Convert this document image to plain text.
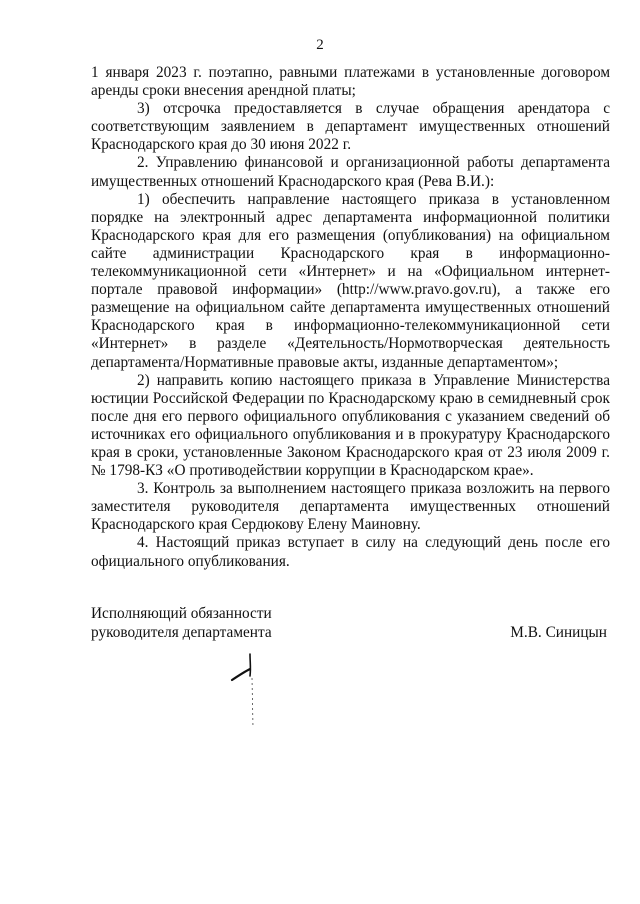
2

1 января 2023 г. поэтапно, равными платежами в установленные договором аренды сроки внесения арендной платы;

3) отсрочка предоставляется в случае обращения арендатора с соответствующим заявлением в департамент имущественных отношений Краснодарского края до 30 июня 2022 г.

2. Управлению финансовой и организационной работы департамента имущественных отношений Краснодарского края (Рева В.И.):

1) обеспечить направление настоящего приказа в установленном порядке на электронный адрес департамента информационной политики Краснодарского края для его размещения (опубликования) на официальном сайте администрации Краснодарского края в информационно-телекоммуникационной сети «Интернет» и на «Официальном интернет-портале правовой информации» (http://www.pravo.gov.ru), а также его размещение на официальном сайте департамента имущественных отношений Краснодарского края в информационно-телекоммуникационной сети «Интернет» в разделе «Деятельность/Нормотворческая деятельность департамента/Нормативные правовые акты, изданные департаментом»;

2) направить копию настоящего приказа в Управление Министерства юстиции Российской Федерации по Краснодарскому краю в семидневный срок после дня его первого официального опубликования с указанием сведений об источниках его официального опубликования и в прокуратуру Краснодарского края в сроки, установленные Законом Краснодарского края от 23 июля 2009 г. № 1798-КЗ «О противодействии коррупции в Краснодарском крае».

3. Контроль за выполнением настоящего приказа возложить на первого заместителя руководителя департамента имущественных отношений Краснодарского края Сердюкову Елену Маиновну.

4. Настоящий приказ вступает в силу на следующий день после его официального опубликования.

Исполняющий обязанности
руководителя департамента	М.В. Синицын
